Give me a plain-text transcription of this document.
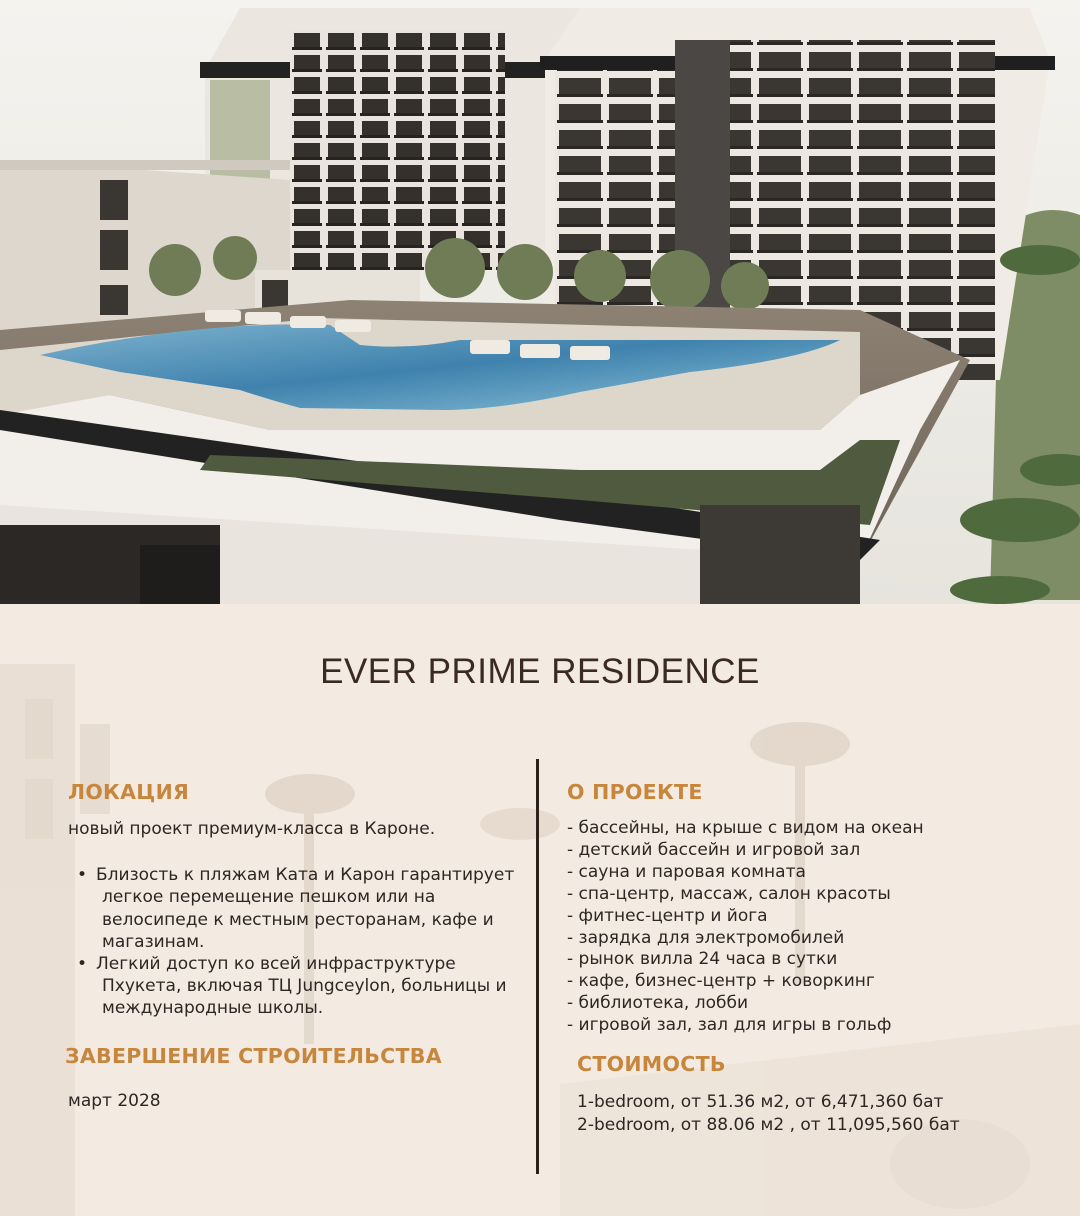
EVER PRIME RESIDENCE
ЛОКАЦИЯ
новый проект премиум-класса в Кароне.
• Близость к пляжам Ката и Карон гарантирует легкое перемещение пешком или на велосипеде к местным ресторанам, кафе и магазинам.
• Легкий доступ ко всей инфраструктуре Пхукета, включая ТЦ Jungceylon, больницы и международные школы.
ЗАВЕРШЕНИЕ СТРОИТЕЛЬСТВА
март 2028
О ПРОЕКТЕ
- бассейны, на крыше с видом на океан
- детский бассейн и игровой зал
- сауна и паровая комната
- спа-центр, массаж, салон красоты
- фитнес-центр и йога
- зарядка для электромобилей
- рынок вилла 24 часа в сутки
- кафе, бизнес-центр + коворкинг
- библиотека, лобби
- игровой зал, зал для игры в гольф
СТОИМОСТЬ
1-bedroom, от 51.36 м2, от 6,471,360 бат
2-bedroom, от 88.06 м2 , от 11,095,560 бат
